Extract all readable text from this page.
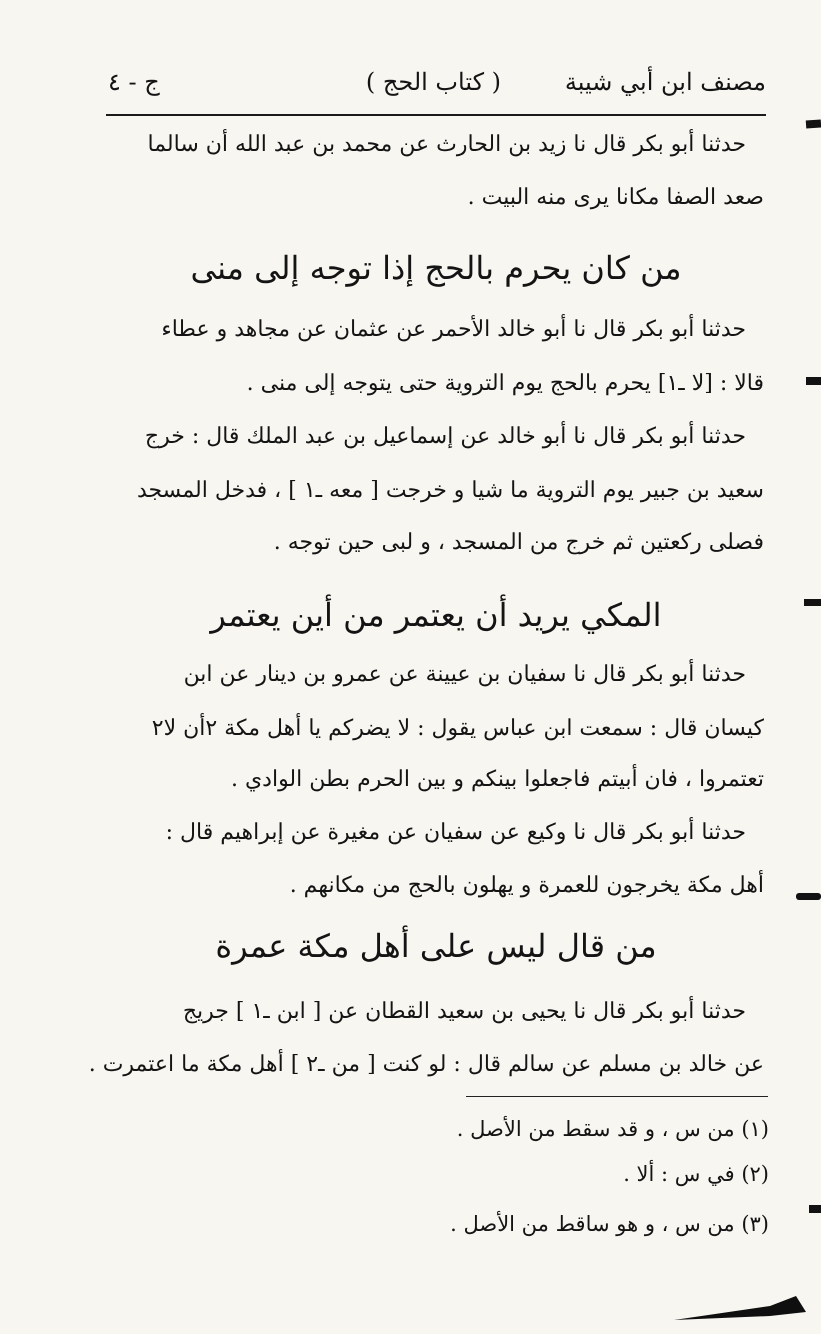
مصنف ابن أبي شيبة
( كتاب الحج )
ج - ٤
حدثنا أبو بكر قال نا زيد بن الحارث عن محمد بن عبد الله أن سالما
صعد الصفا مكانا يرى منه البيت .
من كان يحرم بالحج إذا توجه إلى منى
حدثنا أبو بكر قال نا أبو خالد الأحمر عن عثمان عن مجاهد و عطاء
قالا : [لا ـ١] يحرم بالحج يوم التروية حتى يتوجه إلى منى .
حدثنا أبو بكر قال نا أبو خالد عن إسماعيل بن عبد الملك قال : خرج
سعيد بن جبير يوم التروية ما شيا و خرجت [ معه ـ١ ] ، فدخل المسجد
فصلى ركعتين ثم خرج من المسجد ، و لبى حين توجه .
المكي يريد أن يعتمر من أين يعتمر
حدثنا أبو بكر قال نا سفيان بن عيينة عن عمرو بن دينار عن ابن
كيسان قال : سمعت ابن عباس يقول : لا يضركم يا أهل مكة ٢أن لا٢
تعتمروا ، فان أبيتم فاجعلوا بينكم و بين الحرم بطن الوادي .
حدثنا أبو بكر قال نا وكيع عن سفيان عن مغيرة عن إبراهيم قال :
أهل مكة يخرجون للعمرة و يهلون بالحج من مكانهم .
من قال ليس على أهل مكة عمرة
حدثنا أبو بكر قال نا يحيى بن سعيد القطان عن [ ابن ـ١ ] جريج
عن خالد بن مسلم عن سالم قال : لو كنت [ من ـ٢ ] أهل مكة ما اعتمرت .
(١) من س ، و قد سقط من الأصل .
(٢) في س : ألا .
(٣) من س ، و هو ساقط من الأصل .
